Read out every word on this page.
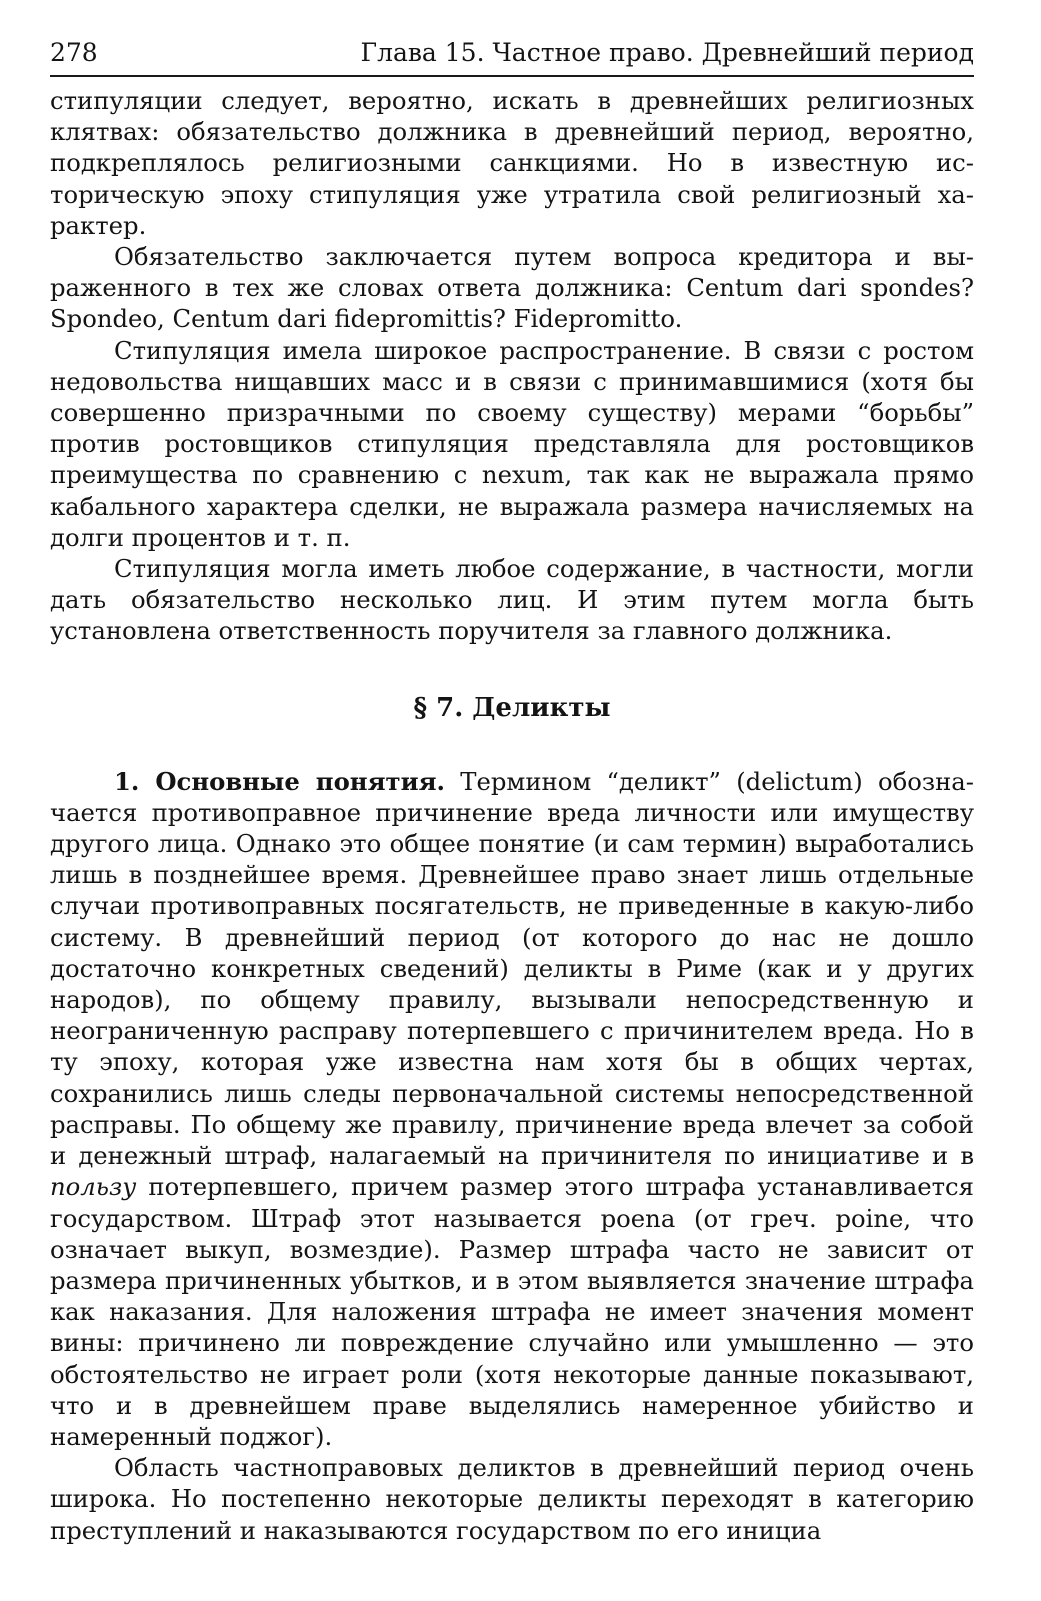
278	Глава 15. Частное право. Древнейший период

стипуляции следует, вероятно, искать в древнейших религиозных клятвах: обязательство должника в древнейший период, вероятно, подкреплялось религиозными санкциями. Но в известную историческую эпоху стипуляция уже утратила свой религиозный характер.

Обязательство заключается путем вопроса кредитора и выраженного в тех же словах ответа должника: Centum dari spondes? Spondeo, Centum dari fidepromittis? Fidepromitto.

Стипуляция имела широкое распространение. В связи с ростом недовольства нищавших масс и в связи с принимавшимися (хотя бы совершенно призрачными по своему существу) мерами “борьбы” против ростовщиков стипуляция представляла для ростовщиков преимущества по сравнению с nexum, так как не выражала прямо кабального характера сделки, не выражала размера начисляемых на долги процентов и т. п.

Стипуляция могла иметь любое содержание, в частности, могли дать обязательство несколько лиц. И этим путем могла быть установлена ответственность поручителя за главного должника.

§ 7. Деликты

1. Основные понятия. Термином “деликт” (delictum) обозначается противоправное причинение вреда личности или имуществу другого лица. Однако это общее понятие (и сам термин) выработались лишь в позднейшее время. Древнейшее право знает лишь отдельные случаи противоправных посягательств, не приведенные в какую-либо систему. В древнейший период (от которого до нас не дошло достаточно конкретных сведений) деликты в Риме (как и у других народов), по общему правилу, вызывали непосредственную и неограниченную расправу потерпевшего с причинителем вреда. Но в ту эпоху, которая уже известна нам хотя бы в общих чертах, сохранились лишь следы первоначальной системы непосредственной расправы. По общему же правилу, причинение вреда влечет за собой и денежный штраф, налагаемый на причинителя по инициативе и в пользу потерпевшего, причем размер этого штрафа устанавливается государством. Штраф этот называется poena (от греч. poine, что означает выкуп, возмездие). Размер штрафа часто не зависит от размера причиненных убытков, и в этом выявляется значение штрафа как наказания. Для наложения штрафа не имеет значения момент вины: причинено ли повреждение случайно или умышленно — это обстоятельство не играет роли (хотя некоторые данные показывают, что и в древнейшем праве выделялись намеренное убийство и намеренный поджог).

Область частноправовых деликтов в древнейший период очень широка. Но постепенно некоторые деликты переходят в категорию преступлений и наказываются государством по его инициа
